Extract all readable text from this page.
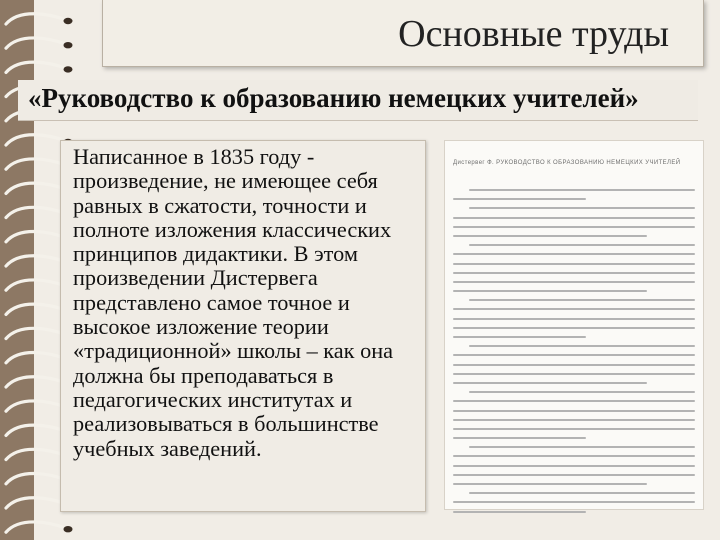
Основные труды
«Руководство к образованию немецких учителей»

Написанное в 1835 году - произведение, не имеющее себя равных в сжатости, точности и полноте изложения классических принципов дидактики. В этом произведении Дистервега представлено самое точное и высокое изложение теории «традиционной» школы – как она должна бы преподаваться в педагогических институтах и реализовываться в большинстве учебных заведений.

Дистервег Ф. РУКОВОДСТВО К ОБРАЗОВАНИЮ НЕМЕЦКИХ УЧИТЕЛЕЙ
